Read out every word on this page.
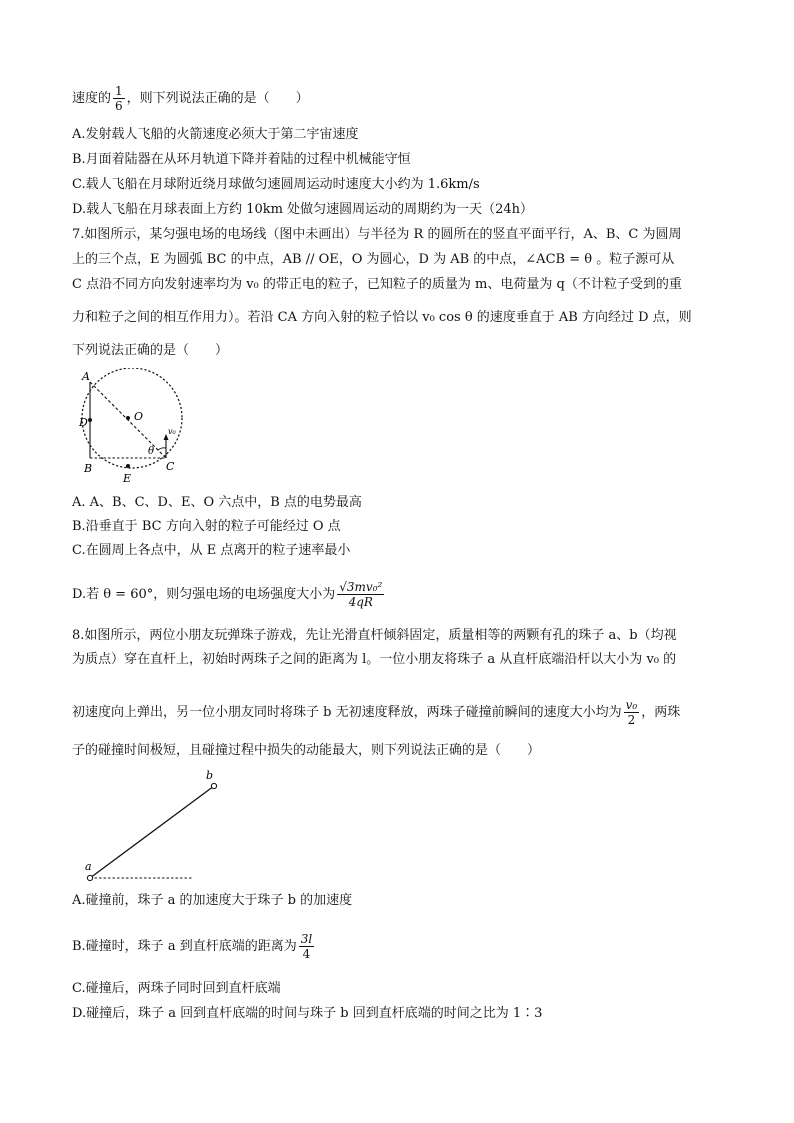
速度的 $\frac{1}{6}$ ，则下列说法正确的是（　　）
A.发射载人飞船的火箭速度必须大于第二宇宙速度
B.月面着陆器在从环月轨道下降并着陆的过程中机械能守恒
C.载人飞船在月球附近绕月球做匀速圆周运动时速度大小约为 1.6km/s
D.载人飞船在月球表面上方约 10km 处做匀速圆周运动的周期约为一天（24h）
7.如图所示，某匀强电场的电场线（图中未画出）与半径为 R 的圆所在的竖直平面平行，A、B、C 为圆周
上的三个点，E 为圆弧 BC 的中点，AB // OE，O 为圆心，D 为 AB 的中点，∠ACB = θ 。粒子源可从
C 点沿不同方向发射速率均为 v₀ 的带正电的粒子，已知粒子的质量为 m、电荷量为 q（不计粒子受到的重
力和粒子之间的相互作用力）。若沿 CA 方向入射的粒子恰以 v₀ cos θ 的速度垂直于 AB 方向经过 D 点，则
下列说法正确的是（　　）
A
B	C
D
E
O
θ
v₀
A. A、B、C、D、E、O 六点中，B 点的电势最高
B.沿垂直于 BC 方向入射的粒子可能经过 O 点
C.在圆周上各点中，从 E 点离开的粒子速率最小
D.若 θ = 60°，则匀强电场的电场强度大小为 $\frac{\text{√3mv₀²}}{4qR}$
8.如图所示，两位小朋友玩弹珠子游戏，先让光滑直杆倾斜固定，质量相等的两颗有孔的珠子 a、b（均视
为质点）穿在直杆上，初始时两珠子之间的距离为 l。一位小朋友将珠子 a 从直杆底端沿杆以大小为 v₀ 的
初速度向上弹出，另一位小朋友同时将珠子 b 无初速度释放，两珠子碰撞前瞬间的速度大小均为 $\frac{\text{v₀}}{2}$ ，两珠
子的碰撞时间极短，且碰撞过程中损失的动能最大，则下列说法正确的是（　　）
a
b
A.碰撞前，珠子 a 的加速度大于珠子 b 的加速度
B.碰撞时，珠子 a 到直杆底端的距离为 $\frac{3l}{4}$
C.碰撞后，两珠子同时回到直杆底端
D.碰撞后，珠子 a 回到直杆底端的时间与珠子 b 回到直杆底端的时间之比为 1∶3
